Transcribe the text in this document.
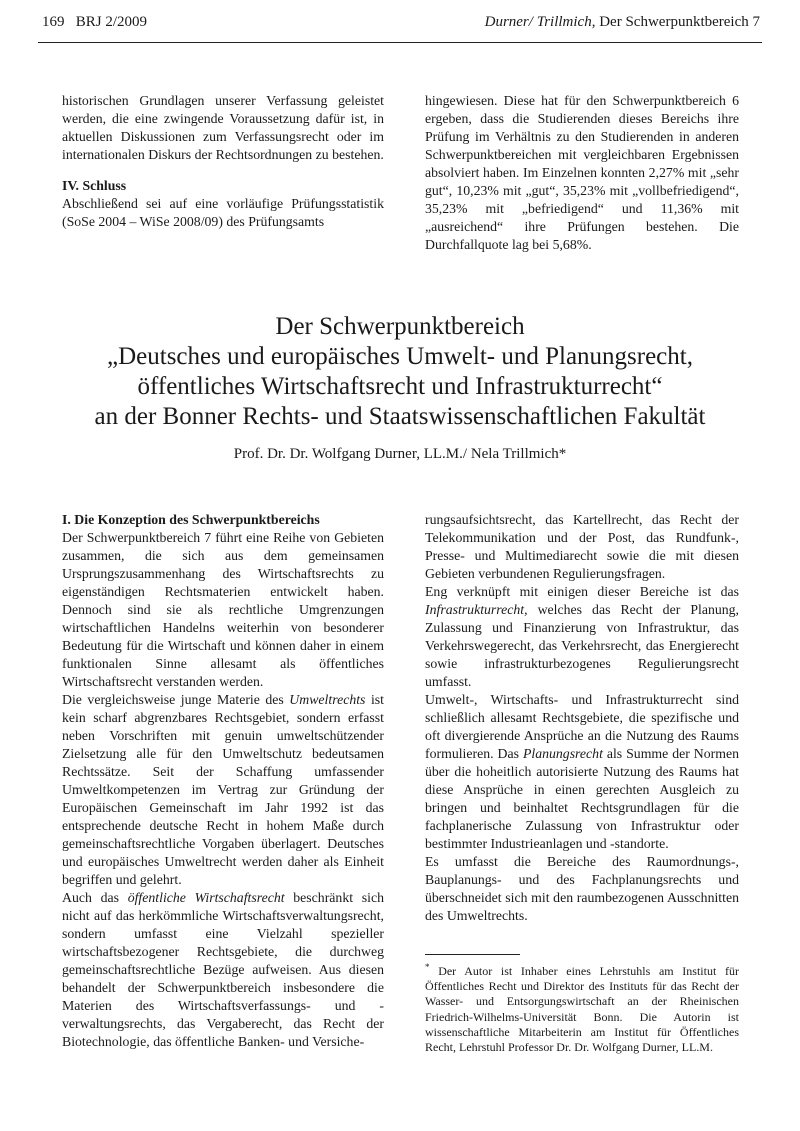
169 BRJ 2/2009	Durner/ Trillmich, Der Schwerpunktbereich 7

historischen Grundlagen unserer Verfassung geleistet werden, die eine zwingende Voraussetzung dafür ist, in aktuellen Diskussionen zum Verfassungsrecht oder im internationalen Diskurs der Rechtsordnungen zu bestehen.

IV. Schluss

Abschließend sei auf eine vorläufige Prüfungsstatistik (SoSe 2004 – WiSe 2008/09) des Prüfungsamts

hingewiesen. Diese hat für den Schwerpunktbereich 6 ergeben, dass die Studierenden dieses Bereichs ihre Prüfung im Verhältnis zu den Studierenden in anderen Schwerpunktbereichen mit vergleichbaren Ergebnissen absolviert haben. Im Einzelnen konnten 2,27% mit „sehr gut“, 10,23% mit „gut“, 35,23% mit „vollbefriedigend“, 35,23% mit „befriedigend“ und 11,36% mit „ausreichend“ ihre Prüfungen bestehen. Die Durchfallquote lag bei 5,68%.

Der Schwerpunktbereich
„Deutsches und europäisches Umwelt- und Planungsrecht,
öffentliches Wirtschaftsrecht und Infrastrukturrecht“
an der Bonner Rechts- und Staatswissenschaftlichen Fakultät
Prof. Dr. Dr. Wolfgang Durner, LL.M./ Nela Trillmich*
I. Die Konzeption des Schwerpunktbereichs

Der Schwerpunktbereich 7 führt eine Reihe von Gebieten zusammen, die sich aus dem gemeinsamen Ursprungszusammenhang des Wirtschaftsrechts zu eigenständigen Rechtsmaterien entwickelt haben. Dennoch sind sie als rechtliche Umgrenzungen wirtschaftlichen Handelns weiterhin von besonderer Bedeutung für die Wirtschaft und können daher in einem funktionalen Sinne allesamt als öffentliches Wirtschaftsrecht verstanden werden.

Die vergleichsweise junge Materie des Umweltrechts ist kein scharf abgrenzbares Rechtsgebiet, sondern erfasst neben Vorschriften mit genuin umweltschützender Zielsetzung alle für den Umweltschutz bedeutsamen Rechtssätze. Seit der Schaffung umfassender Umweltkompetenzen im Vertrag zur Gründung der Europäischen Gemeinschaft im Jahr 1992 ist das entsprechende deutsche Recht in hohem Maße durch gemeinschaftsrechtliche Vorgaben überlagert. Deutsches und europäisches Umweltrecht werden daher als Einheit begriffen und gelehrt.

Auch das öffentliche Wirtschaftsrecht beschränkt sich nicht auf das herkömmliche Wirtschaftsverwaltungsrecht, sondern umfasst eine Vielzahl spezieller wirtschaftsbezogener Rechtsgebiete, die durchweg gemeinschaftsrechtliche Bezüge aufweisen. Aus diesen behandelt der Schwerpunktbereich insbesondere die Materien des Wirtschaftsverfassungs- und -verwaltungsrechts, das Vergaberecht, das Recht der Biotechnologie, das öffentliche Banken- und Versiche-

rungsaufsichtsrecht, das Kartellrecht, das Recht der Telekommunikation und der Post, das Rundfunk-, Presse- und Multimediarecht sowie die mit diesen Gebieten verbundenen Regulierungsfragen.

Eng verknüpft mit einigen dieser Bereiche ist das Infrastrukturrecht, welches das Recht der Planung, Zulassung und Finanzierung von Infrastruktur, das Verkehrswegerecht, das Verkehrsrecht, das Energierecht sowie infrastrukturbezogenes Regulierungsrecht umfasst.

Umwelt-, Wirtschafts- und Infrastrukturrecht sind schließlich allesamt Rechtsgebiete, die spezifische und oft divergierende Ansprüche an die Nutzung des Raums formulieren. Das Planungsrecht als Summe der Normen über die hoheitlich autorisierte Nutzung des Raums hat diese Ansprüche in einen gerechten Ausgleich zu bringen und beinhaltet Rechtsgrundlagen für die fachplanerische Zulassung von Infrastruktur oder bestimmter Industrieanlagen und -standorte.

Es umfasst die Bereiche des Raumordnungs-, Bauplanungs- und des Fachplanungsrechts und überschneidet sich mit den raumbezogenen Ausschnitten des Umweltrechts.

* Der Autor ist Inhaber eines Lehrstuhls am Institut für Öffentliches Recht und Direktor des Instituts für das Recht der Wasser- und Entsorgungswirtschaft an der Rheinischen Friedrich-Wilhelms-Universität Bonn. Die Autorin ist wissenschaftliche Mitarbeiterin am Institut für Öffentliches Recht, Lehrstuhl Professor Dr. Dr. Wolfgang Durner, LL.M.
